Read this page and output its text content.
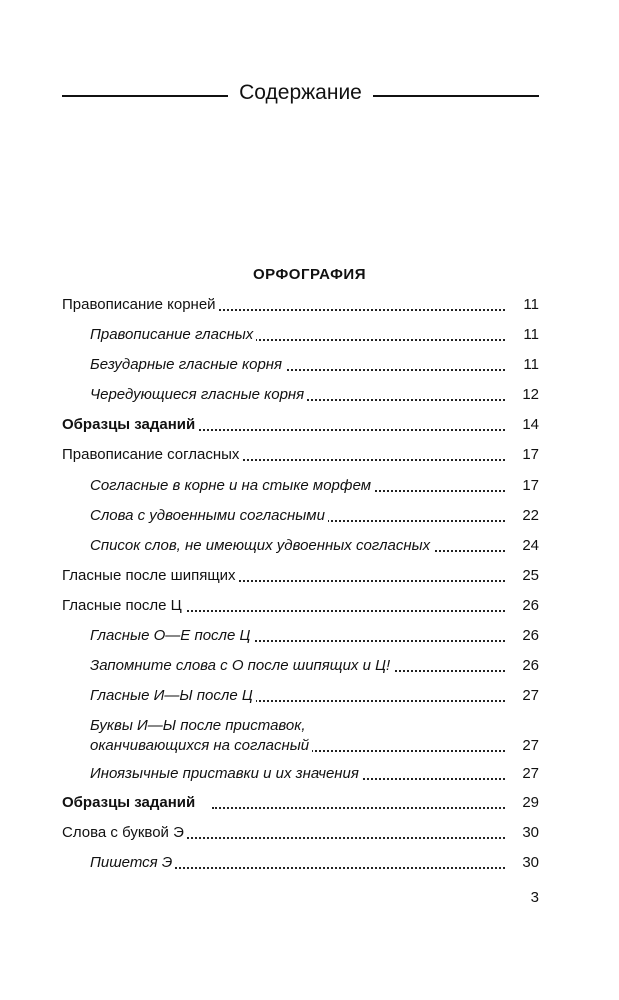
Содержание
ОРФОГРАФИЯ
Правописание корней	11
Правописание гласных	11
Безударные гласные корня	11
Чередующиеся гласные корня	12
Образцы заданий	14
Правописание согласных	17
Согласные в корне и на стыке морфем	17
Слова с удвоенными согласными	22
Список слов, не имеющих удвоенных согласных	24
Гласные после шипящих	25
Гласные после Ц	26
Гласные О—Е после Ц	26
Запомните слова с О после шипящих и Ц!	26
Гласные И—Ы после Ц	27
Буквы И—Ы после приставок,
оканчивающихся на согласный	27
Иноязычные приставки и их значения	27
Образцы заданий	29
Слова с буквой Э	30
Пишется Э	30
3
